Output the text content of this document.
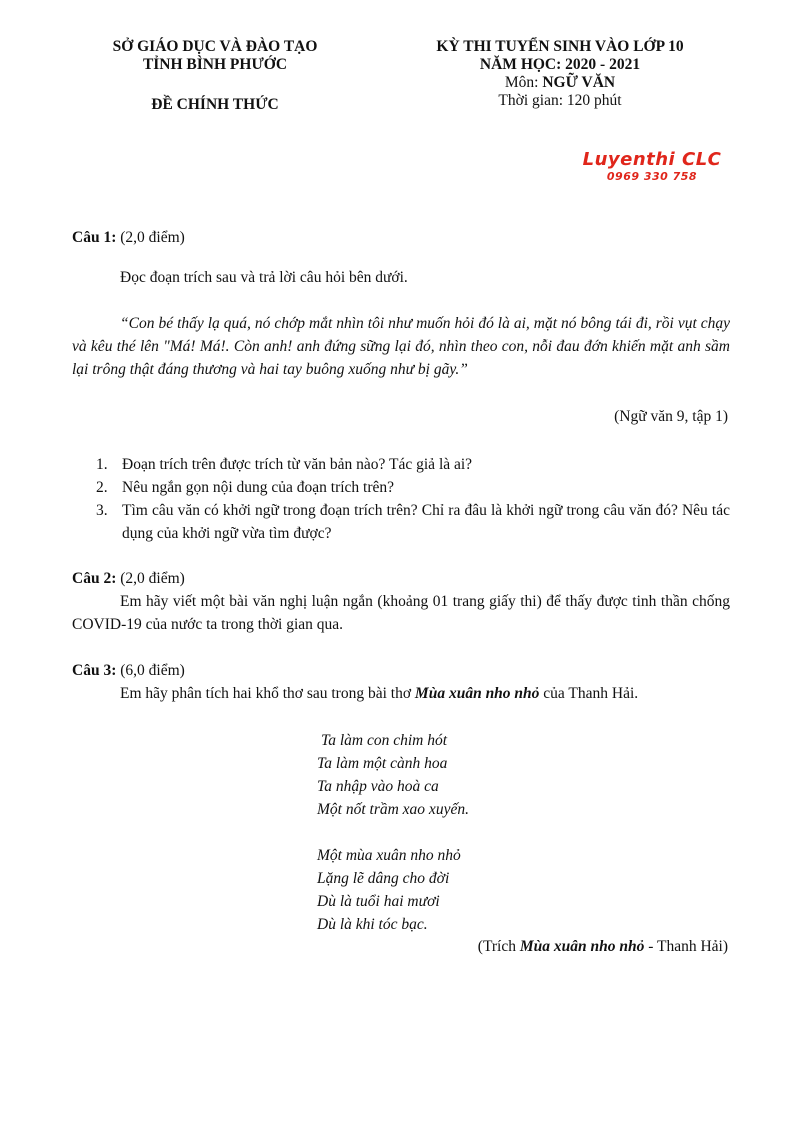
SỞ GIÁO DỤC VÀ ĐÀO TẠO
TỈNH BÌNH PHƯỚC
ĐỀ CHÍNH THỨC
KỲ THI TUYỂN SINH VÀO LỚP 10
NĂM HỌC: 2020 - 2021
Môn: NGỮ VĂN
Thời gian: 120 phút
Luyenthi CLC
0969 330 758
Câu 1: (2,0 điểm)
Đọc đoạn trích sau và trả lời câu hỏi bên dưới.
“Con bé thấy lạ quá, nó chớp mắt nhìn tôi như muốn hỏi đó là ai, mặt nó bông tái đi, rồi vụt chạy và kêu thé lên "Má! Má!. Còn anh! anh đứng sững lại đó, nhìn theo con, nỗi đau đớn khiến mặt anh sầm lại trông thật đáng thương và hai tay buông xuống như bị gãy.”
(Ngữ văn 9, tập 1)
1. Đoạn trích trên được trích từ văn bản nào? Tác giả là ai?
2. Nêu ngắn gọn nội dung của đoạn trích trên?
3. Tìm câu văn có khởi ngữ trong đoạn trích trên? Chỉ ra đâu là khởi ngữ trong câu văn đó? Nêu tác dụng của khởi ngữ vừa tìm được?
Câu 2: (2,0 điểm)
Em hãy viết một bài văn nghị luận ngắn (khoảng 01 trang giấy thi) để thấy được tinh thần chống COVID-19 của nước ta trong thời gian qua.
Câu 3: (6,0 điểm)
Em hãy phân tích hai khổ thơ sau trong bài thơ Mùa xuân nho nhỏ của Thanh Hải.
Ta làm con chim hót
Ta làm một cành hoa
Ta nhập vào hoà ca
Một nốt trầm xao xuyến.
Một mùa xuân nho nhỏ
Lặng lẽ dâng cho đời
Dù là tuổi hai mươi
Dù là khi tóc bạc.
(Trích Mùa xuân nho nhỏ - Thanh Hải)
